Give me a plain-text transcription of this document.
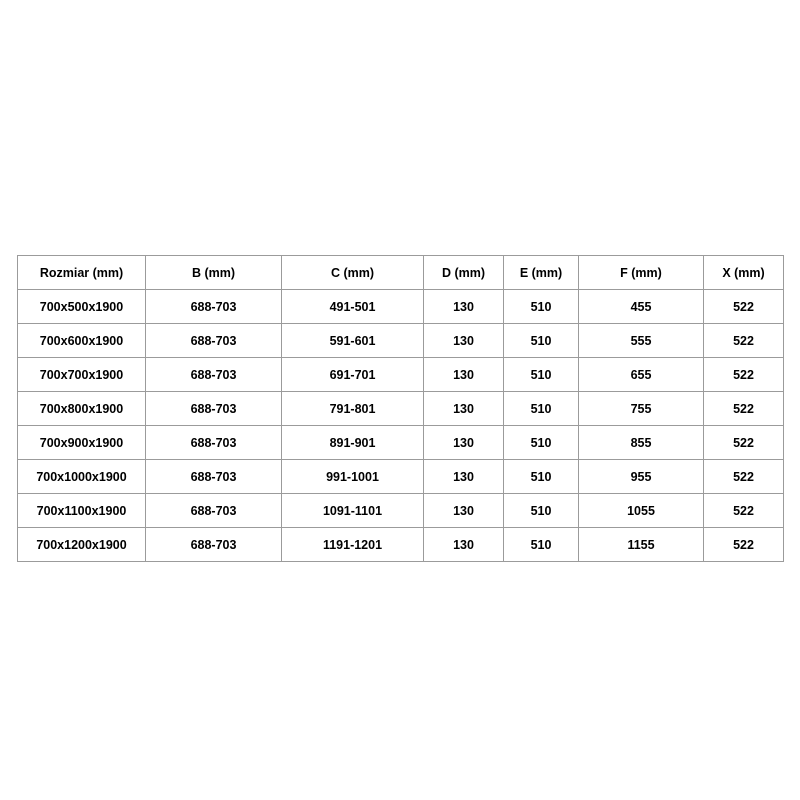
Rozmiar (mm)	B (mm)	C (mm)	D (mm)	E (mm)	F (mm)	X (mm)
700x500x1900	688-703	491-501	130	510	455	522
700x600x1900	688-703	591-601	130	510	555	522
700x700x1900	688-703	691-701	130	510	655	522
700x800x1900	688-703	791-801	130	510	755	522
700x900x1900	688-703	891-901	130	510	855	522
700x1000x1900	688-703	991-1001	130	510	955	522
700x1100x1900	688-703	1091-1101	130	510	1055	522
700x1200x1900	688-703	1191-1201	130	510	1155	522
